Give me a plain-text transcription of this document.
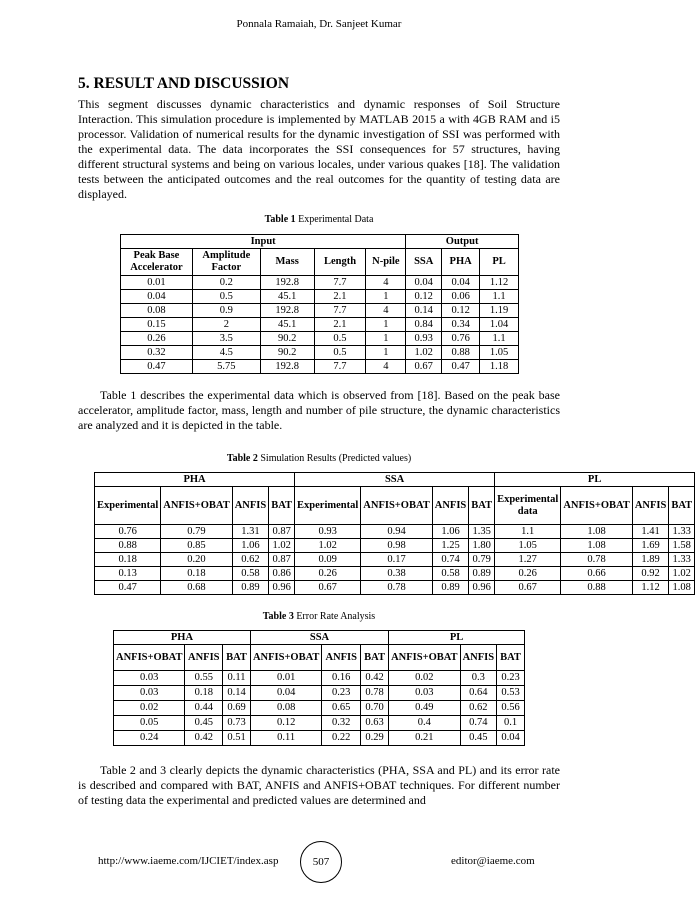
Ponnala Ramaiah, Dr. Sanjeet Kumar
5. RESULT AND DISCUSSION

This segment discusses dynamic characteristics and dynamic responses of Soil Structure Interaction. This simulation procedure is implemented by MATLAB 2015 a with 4GB RAM and i5 processor. Validation of numerical results for the dynamic investigation of SSI was performed with the experimental data. The data incorporates the SSI consequences for 57 structures, having different structural systems and being on various locales, under various quakes [18]. The validation tests between the anticipated outcomes and the real outcomes for the quantity of testing data are displayed.

Table 1 Experimental Data
Input					Output		
Peak Base Accelerator	Amplitude Factor	Mass	Length	N-pile	SSA	PHA	PL
0.01	0.2	192.8	7.7	4	0.04	0.04	1.12
0.04	0.5	45.1	2.1	1	0.12	0.06	1.1
0.08	0.9	192.8	7.7	4	0.14	0.12	1.19
0.15	2	45.1	2.1	1	0.84	0.34	1.04
0.26	3.5	90.2	0.5	1	0.93	0.76	1.1
0.32	4.5	90.2	0.5	1	1.02	0.88	1.05
0.47	5.75	192.8	7.7	4	0.67	0.47	1.18

Table 1 describes the experimental data which is observed from [18]. Based on the peak base accelerator, amplitude factor, mass, length and number of pile structure, the dynamic characteristics are analyzed and it is depicted in the table.

Table 2 Simulation Results (Predicted values)
PHA				SSA				PL			
Experimental	ANFIS+OBAT	ANFIS	BAT	Experimental	ANFIS+OBAT	ANFIS	BAT	Experimental data	ANFIS+OBAT	ANFIS	BAT
0.76	0.79	1.31	0.87	0.93	0.94	1.06	1.35	1.1	1.08	1.41	1.33
0.88	0.85	1.06	1.02	1.02	0.98	1.25	1.80	1.05	1.08	1.69	1.58
0.18	0.20	0.62	0.87	0.09	0.17	0.74	0.79	1.27	0.78	1.89	1.33
0.13	0.18	0.58	0.86	0.26	0.38	0.58	0.89	0.26	0.66	0.92	1.02
0.47	0.68	0.89	0.96	0.67	0.78	0.89	0.96	0.67	0.88	1.12	1.08
Table 3 Error Rate Analysis
PHA			SSA			PL		
ANFIS+OBAT	ANFIS	BAT	ANFIS+OBAT	ANFIS	BAT	ANFIS+OBAT	ANFIS	BAT
0.03	0.55	0.11	0.01	0.16	0.42	0.02	0.3	0.23
0.03	0.18	0.14	0.04	0.23	0.78	0.03	0.64	0.53
0.02	0.44	0.69	0.08	0.65	0.70	0.49	0.62	0.56
0.05	0.45	0.73	0.12	0.32	0.63	0.4	0.74	0.1
0.24	0.42	0.51	0.11	0.22	0.29	0.21	0.45	0.04

Table 2 and 3 clearly depicts the dynamic characteristics (PHA, SSA and PL) and its error rate is described and compared with BAT, ANFIS and ANFIS+OBAT techniques. For different number of testing data the experimental and predicted values are determined and

http://www.iaeme.com/IJCIET/index.asp	507	editor@iaeme.com
